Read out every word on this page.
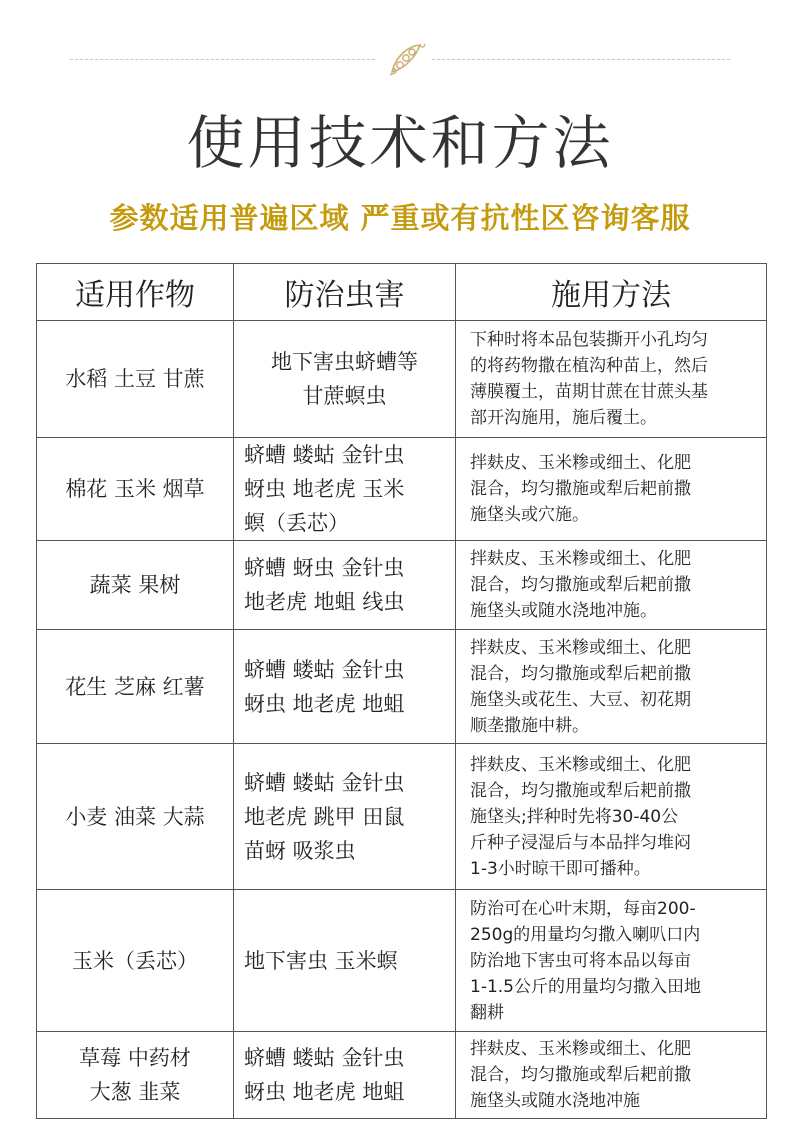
使用技术和方法
参数适用普遍区域 严重或有抗性区咨询客服
适用作物	防治虫害	施用方法

水稻 土豆 甘蔗	地下害虫蛴螬等
甘蔗螟虫	下种时将本品包装撕开小孔均匀
的将药物撒在植沟种苗上，然后
薄膜覆土，苗期甘蔗在甘蔗头基
部开沟施用，施后覆土。

棉花 玉米 烟草	蛴螬 蝼蛄 金针虫
蚜虫 地老虎 玉米
螟（丢芯）	拌麸皮、玉米糁或细土、化肥
混合，均匀撒施或犁后耙前撒
施垡头或穴施。

蔬菜 果树	蛴螬 蚜虫 金针虫
地老虎 地蛆 线虫	拌麸皮、玉米糁或细土、化肥
混合，均匀撒施或犁后耙前撒
施垡头或随水浇地冲施。

花生 芝麻 红薯	蛴螬 蝼蛄 金针虫
蚜虫 地老虎 地蛆	拌麸皮、玉米糁或细土、化肥
混合，均匀撒施或犁后耙前撒
施垡头或花生、大豆、初花期
顺垄撒施中耕。

小麦 油菜 大蒜	蛴螬 蝼蛄 金针虫
地老虎 跳甲 田鼠
苗蚜 吸浆虫	拌麸皮、玉米糁或细土、化肥
混合，均匀撒施或犁后耙前撒
施垡头;拌种时先将30-40公
斤种子浸湿后与本品拌匀堆闷
1-3小时晾干即可播种。

玉米（丢芯）	地下害虫 玉米螟	防治可在心叶末期，每亩200-
250g的用量均匀撒入喇叭口内
防治地下害虫可将本品以每亩
1-1.5公斤的用量均匀撒入田地
翻耕

草莓 中药材
大葱 韭菜	蛴螬 蝼蛄 金针虫
蚜虫 地老虎 地蛆	拌麸皮、玉米糁或细土、化肥
混合，均匀撒施或犁后耙前撒
施垡头或随水浇地冲施
